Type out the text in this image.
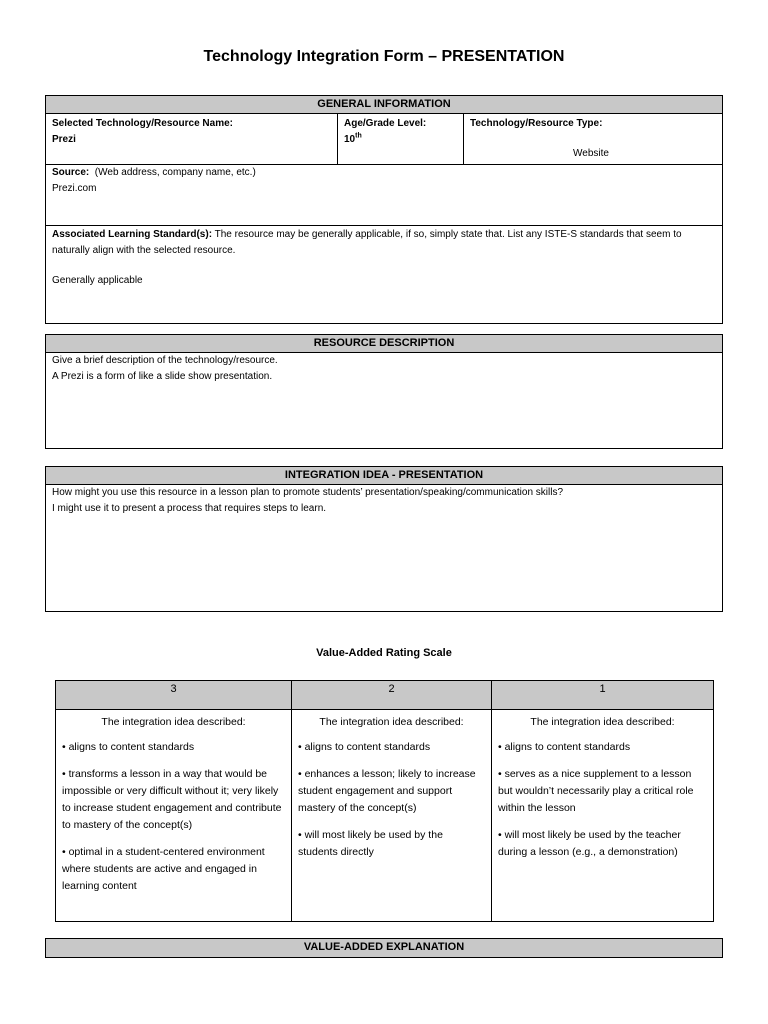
Technology Integration Form – PRESENTATION
GENERAL INFORMATION
Selected Technology/Resource Name:
Prezi
Age/Grade Level:
10th
Technology/Resource Type:
Website
Source: (Web address, company name, etc.)
Prezi.com
Associated Learning Standard(s): The resource may be generally applicable, if so, simply state that. List any ISTE-S standards that seem to naturally align with the selected resource.
Generally applicable
RESOURCE DESCRIPTION
Give a brief description of the technology/resource.
A Prezi is a form of like a slide show presentation.
INTEGRATION IDEA - PRESENTATION
How might you use this resource in a lesson plan to promote students’ presentation/speaking/communication skills?
I might use it to present a process that requires steps to learn.
Value-Added Rating Scale
3	2	1

The integration idea described:

• aligns to content standards

• transforms a lesson in a way that would be impossible or very difficult without it; very likely to increase student engagement and contribute to mastery of the concept(s)

• optimal in a student-centered environment where students are active and engaged in learning content

The integration idea described:

• aligns to content standards

• enhances a lesson; likely to increase student engagement and support mastery of the concept(s)

• will most likely be used by the students directly

The integration idea described:

• aligns to content standards

• serves as a nice supplement to a lesson but wouldn’t necessarily play a critical role within the lesson

• will most likely be used by the teacher during a lesson (e.g., a demonstration)

VALUE-ADDED EXPLANATION
